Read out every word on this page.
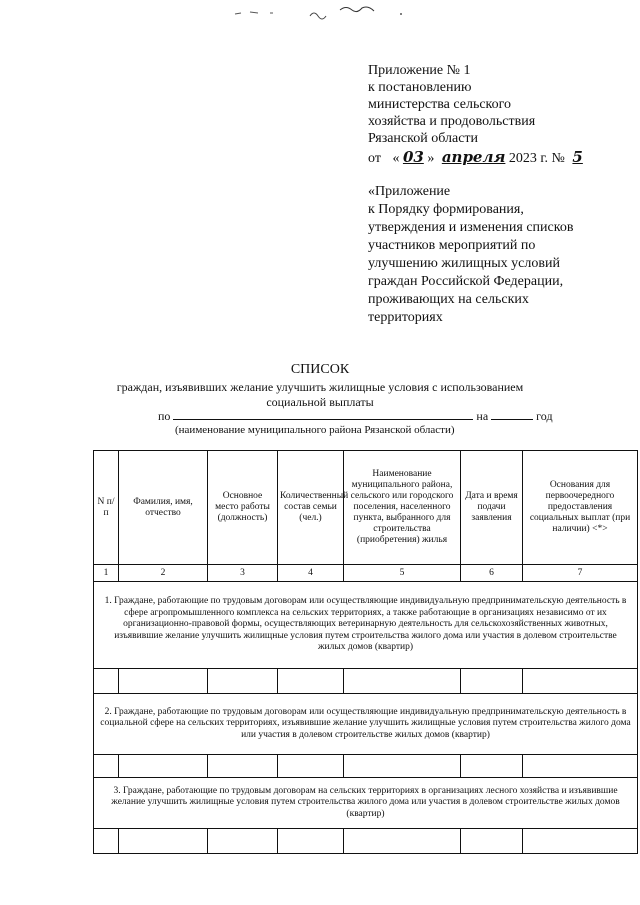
Приложение № 1
к постановлению
министерства сельского
хозяйства и продовольствия
Рязанской области
от « 03 » апреля 2023 г. № 5
«Приложение
к Порядку формирования,
утверждения и изменения списков
участников мероприятий по
улучшению жилищных условий
граждан Российской Федерации,
проживающих на сельских
территориях
СПИСОК
граждан, изъявивших желание улучшить жилищные условия с использованием
социальной выплаты
по	на	год
(наименование муниципального района Рязанской области)
N п/п	Фамилия, имя, отчество	Основное место работы (должность)	Количественный состав семьи (чел.)	Наименование муниципального района, сельского или городского поселения, населенного пункта, выбранного для строительства (приобретения) жилья	Дата и время подачи заявления	Основания для первоочередного предоставления социальных выплат (при наличии) <*>
1	2	3	4	5	6	7
1. Граждане, работающие по трудовым договорам или осуществляющие индивидуальную предпринимательскую деятельность в сфере агропромышленного комплекса на сельских территориях, а также работающие в организациях независимо от их организационно-правовой формы, осуществляющих ветеринарную деятельность для сельскохозяйственных животных, изъявившие желание улучшить жилищные условия путем строительства жилого дома или участия в долевом строительстве жилых домов (квартир)						

2. Граждане, работающие по трудовым договорам или осуществляющие индивидуальную предпринимательскую деятельность в социальной сфере на сельских территориях, изъявившие желание улучшить жилищные условия путем строительства жилого дома или участия в долевом строительстве жилых домов (квартир)						

3. Граждане, работающие по трудовым договорам на сельских территориях в организациях лесного хозяйства и изъявившие желание улучшить жилищные условия путем строительства жилого дома или участия в долевом строительстве жилых домов (квартир)						
